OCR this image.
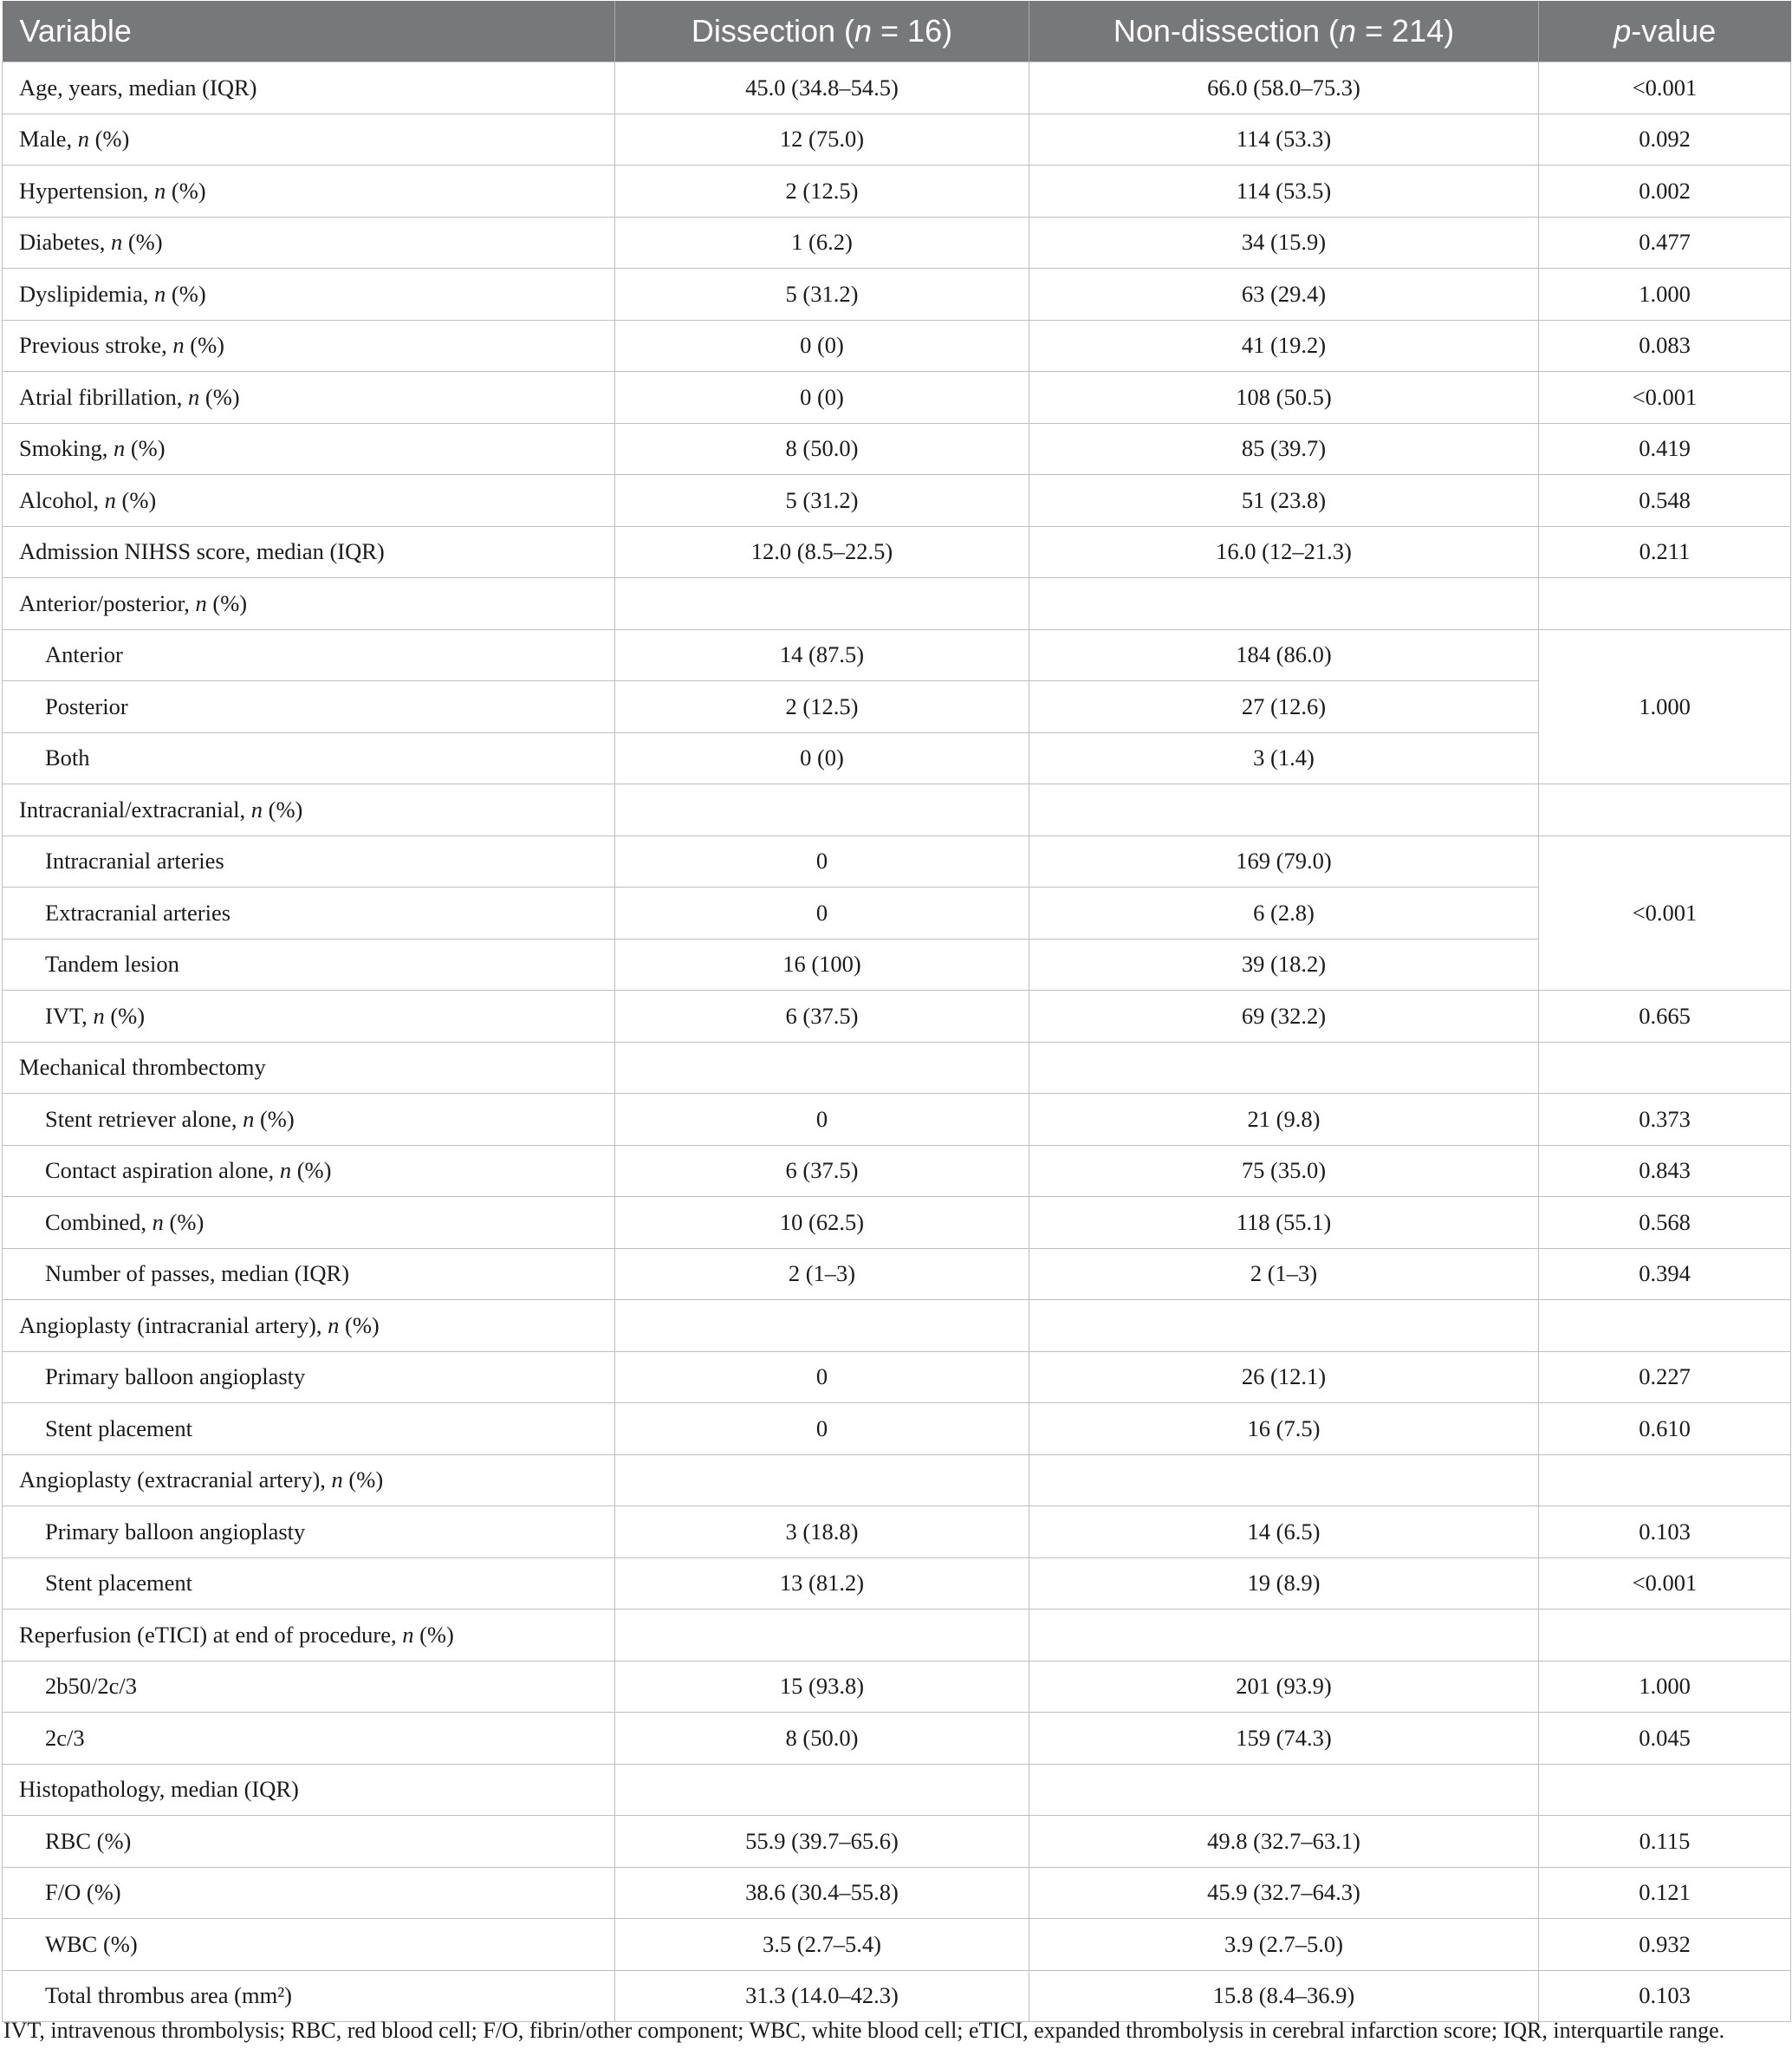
Variable	Dissection (n = 16)	Non-dissection (n = 214)	p-value
Age, years, median (IQR)	45.0 (34.8–54.5)	66.0 (58.0–75.3)	<0.001
Male, n (%)	12 (75.0)	114 (53.3)	0.092
Hypertension, n (%)	2 (12.5)	114 (53.5)	0.002
Diabetes, n (%)	1 (6.2)	34 (15.9)	0.477
Dyslipidemia, n (%)	5 (31.2)	63 (29.4)	1.000
Previous stroke, n (%)	0 (0)	41 (19.2)	0.083
Atrial fibrillation, n (%)	0 (0)	108 (50.5)	<0.001
Smoking, n (%)	8 (50.0)	85 (39.7)	0.419
Alcohol, n (%)	5 (31.2)	51 (23.8)	0.548
Admission NIHSS score, median (IQR)	12.0 (8.5–22.5)	16.0 (12–21.3)	0.211
Anterior/posterior, n (%)			
Anterior	14 (87.5)	184 (86.0)	1.000
Posterior	2 (12.5)	27 (12.6)	
Both	0 (0)	3 (1.4)	
Intracranial/extracranial, n (%)			
Intracranial arteries	0	169 (79.0)	<0.001
Extracranial arteries	0	6 (2.8)	
Tandem lesion	16 (100)	39 (18.2)	
IVT, n (%)	6 (37.5)	69 (32.2)	0.665
Mechanical thrombectomy			
Stent retriever alone, n (%)	0	21 (9.8)	0.373
Contact aspiration alone, n (%)	6 (37.5)	75 (35.0)	0.843
Combined, n (%)	10 (62.5)	118 (55.1)	0.568
Number of passes, median (IQR)	2 (1–3)	2 (1–3)	0.394
Angioplasty (intracranial artery), n (%)			
Primary balloon angioplasty	0	26 (12.1)	0.227
Stent placement	0	16 (7.5)	0.610
Angioplasty (extracranial artery), n (%)			
Primary balloon angioplasty	3 (18.8)	14 (6.5)	0.103
Stent placement	13 (81.2)	19 (8.9)	<0.001
Reperfusion (eTICI) at end of procedure, n (%)			
2b50/2c/3	15 (93.8)	201 (93.9)	1.000
2c/3	8 (50.0)	159 (74.3)	0.045
Histopathology, median (IQR)			
RBC (%)	55.9 (39.7–65.6)	49.8 (32.7–63.1)	0.115
F/O (%)	38.6 (30.4–55.8)	45.9 (32.7–64.3)	0.121
WBC (%)	3.5 (2.7–5.4)	3.9 (2.7–5.0)	0.932
Total thrombus area (mm²)	31.3 (14.0–42.3)	15.8 (8.4–36.9)	0.103
IVT, intravenous thrombolysis; RBC, red blood cell; F/O, fibrin/other component; WBC, white blood cell; eTICI, expanded thrombolysis in cerebral infarction score; IQR, interquartile range.
